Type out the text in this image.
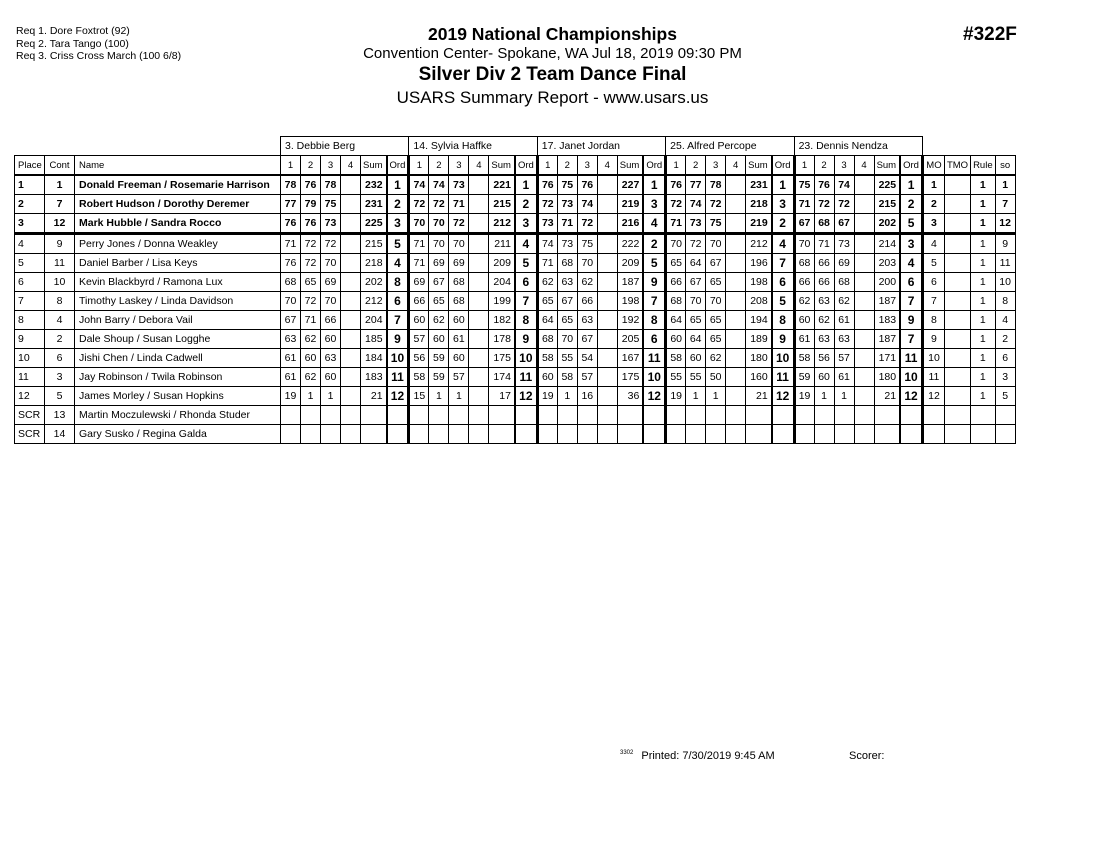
Req 1. Dore Foxtrot (92)
Req 2. Tara Tango (100)
Req 3. Criss Cross March (100 6/8)
2019 National Championships
Convention Center- Spokane, WA Jul 18, 2019 09:30 PM
Silver Div 2 Team Dance Final
USARS Summary Report - www.usars.us
#322F
			3. Debbie Berg						14. Sylvia Haffke						17. Janet Jordan						25. Alfred Percope						23. Dennis Nendza									
Place	Cont	Name	1	2	3	4	Sum	Ord	1	2	3	4	Sum	Ord	1	2	3	4	Sum	Ord	1	2	3	4	Sum	Ord	1	2	3	4	Sum	Ord	MO	TMO	Rule	so
1	1	Donald Freeman / Rosemarie Harrison	78	76	78		232	1	74	74	73		221	1	76	75	76		227	1	76	77	78		231	1	75	76	74		225	1	1		1	1
2	7	Robert Hudson / Dorothy Deremer	77	79	75		231	2	72	72	71		215	2	72	73	74		219	3	72	74	72		218	3	71	72	72		215	2	2		1	7
3	12	Mark Hubble / Sandra Rocco	76	76	73		225	3	70	70	72		212	3	73	71	72		216	4	71	73	75		219	2	67	68	67		202	5	3		1	12
4	9	Perry Jones / Donna Weakley	71	72	72		215	5	71	70	70		211	4	74	73	75		222	2	70	72	70		212	4	70	71	73		214	3	4		1	9
5	11	Daniel Barber / Lisa Keys	76	72	70		218	4	71	69	69		209	5	71	68	70		209	5	65	64	67		196	7	68	66	69		203	4	5		1	11
6	10	Kevin Blackbyrd / Ramona Lux	68	65	69		202	8	69	67	68		204	6	62	63	62		187	9	66	67	65		198	6	66	66	68		200	6	6		1	10
7	8	Timothy Laskey / Linda Davidson	70	72	70		212	6	66	65	68		199	7	65	67	66		198	7	68	70	70		208	5	62	63	62		187	7	7		1	8
8	4	John Barry / Debora Vail	67	71	66		204	7	60	62	60		182	8	64	65	63		192	8	64	65	65		194	8	60	62	61		183	9	8		1	4
9	2	Dale Shoup / Susan Logghe	63	62	60		185	9	57	60	61		178	9	68	70	67		205	6	60	64	65		189	9	61	63	63		187	7	9		1	2
10	6	Jishi Chen / Linda Cadwell	61	60	63		184	10	56	59	60		175	10	58	55	54		167	11	58	60	62		180	10	58	56	57		171	11	10		1	6
11	3	Jay Robinson / Twila Robinson	61	62	60		183	11	58	59	57		174	11	60	58	57		175	10	55	55	50		160	11	59	60	61		180	10	11		1	3
12	5	James Morley / Susan Hopkins	19	1	1		21	12	15	1	1		17	12	19	1	16		36	12	19	1	1		21	12	19	1	1		21	12	12		1	5
SCR	13	Martin Moczulewski / Rhonda Studer																																		
SCR	14	Gary Susko / Regina Galda																																		
$^{3302}$ Printed: 7/30/2019 9:45 AM	Scorer:
